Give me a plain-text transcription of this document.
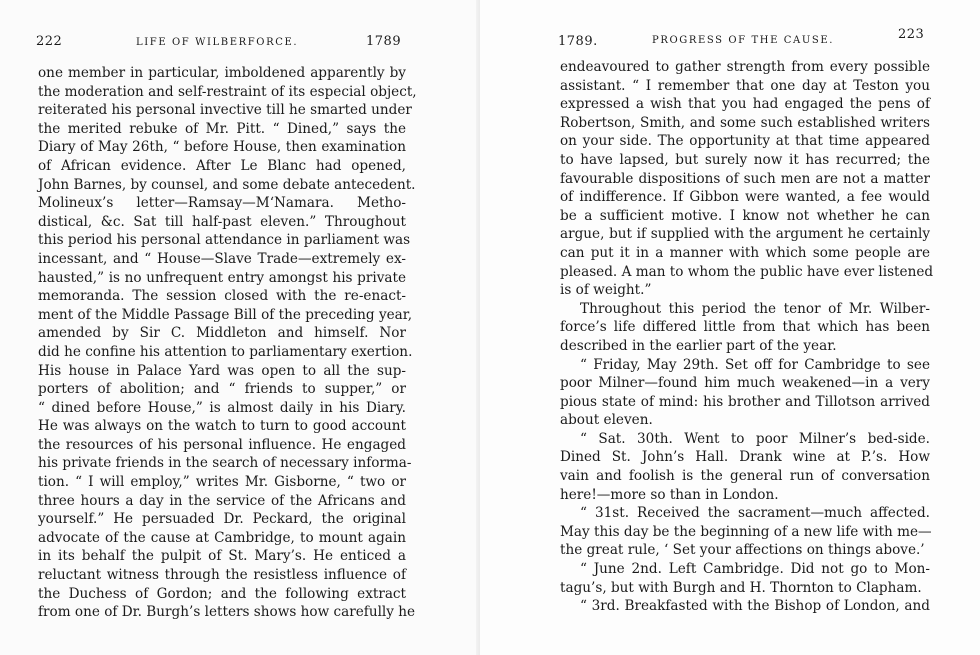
222	LIFE OF WILBERFORCE.	1789
one member in particular, imboldened apparently by
the moderation and self-restraint of its especial object,
reiterated his personal invective till he smarted under
the merited rebuke of Mr. Pitt. “ Dined,” says the
Diary of May 26th, “ before House, then examination
of African evidence. After Le Blanc had opened,
John Barnes, by counsel, and some debate antecedent.
Molineux’s letter—Ramsay—M‘Namara. Metho-
distical, &c. Sat till half-past eleven.” Throughout
this period his personal attendance in parliament was
incessant, and “ House—Slave Trade—extremely ex-
hausted,” is no unfrequent entry amongst his private
memoranda. The session closed with the re-enact-
ment of the Middle Passage Bill of the preceding year,
amended by Sir C. Middleton and himself. Nor
did he confine his attention to parliamentary exertion.
His house in Palace Yard was open to all the sup-
porters of abolition; and “ friends to supper,” or
“ dined before House,” is almost daily in his Diary.
He was always on the watch to turn to good account
the resources of his personal influence. He engaged
his private friends in the search of necessary informa-
tion. “ I will employ,” writes Mr. Gisborne, “ two or
three hours a day in the service of the Africans and
yourself.” He persuaded Dr. Peckard, the original
advocate of the cause at Cambridge, to mount again
in its behalf the pulpit of St. Mary’s. He enticed a
reluctant witness through the resistless influence of
the Duchess of Gordon; and the following extract
from one of Dr. Burgh’s letters shows how carefully he
1789.	PROGRESS OF THE CAUSE.	223
endeavoured to gather strength from every possible
assistant. “ I remember that one day at Teston you
expressed a wish that you had engaged the pens of
Robertson, Smith, and some such established writers
on your side. The opportunity at that time appeared
to have lapsed, but surely now it has recurred; the
favourable dispositions of such men are not a matter
of indifference. If Gibbon were wanted, a fee would
be a sufficient motive. I know not whether he can
argue, but if supplied with the argument he certainly
can put it in a manner with which some people are
pleased. A man to whom the public have ever listened
is of weight.”
Throughout this period the tenor of Mr. Wilber-
force’s life differed little from that which has been
described in the earlier part of the year.
“ Friday, May 29th. Set off for Cambridge to see
poor Milner—found him much weakened—in a very
pious state of mind: his brother and Tillotson arrived
about eleven.
“ Sat. 30th. Went to poor Milner’s bed-side.
Dined St. John’s Hall. Drank wine at P.’s. How
vain and foolish is the general run of conversation
here!—more so than in London.
“ 31st. Received the sacrament—much affected.
May this day be the beginning of a new life with me—
the great rule, ‘ Set your affections on things above.’
“ June 2nd. Left Cambridge. Did not go to Mon-
tagu’s, but with Burgh and H. Thornton to Clapham.
“ 3rd. Breakfasted with the Bishop of London, and
